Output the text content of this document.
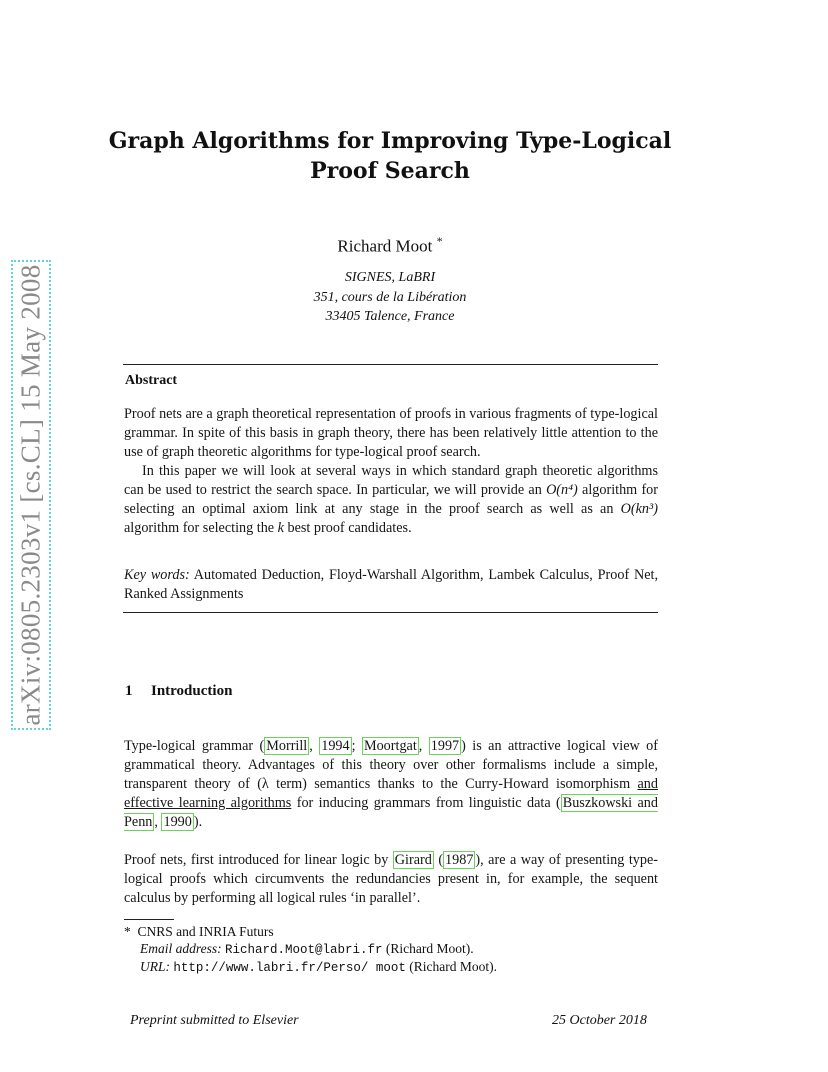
arXiv:0805.2303v1 [cs.CL] 15 May 2008
Graph Algorithms for Improving Type-Logical
Proof Search
Richard Moot *
SIGNES, LaBRI
351, cours de la Libération
33405 Talence, France
Abstract

Proof nets are a graph theoretical representation of proofs in various fragments of type-logical grammar. In spite of this basis in graph theory, there has been relatively little attention to the use of graph theoretic algorithms for type-logical proof search.

In this paper we will look at several ways in which standard graph theoretic algorithms can be used to restrict the search space. In particular, we will provide an O(n⁴) algorithm for selecting an optimal axiom link at any stage in the proof search as well as an O(kn³) algorithm for selecting the k best proof candidates.

Key words: Automated Deduction, Floyd-Warshall Algorithm, Lambek Calculus, Proof Net, Ranked Assignments

1 Introduction

Type-logical grammar ( Morrill , 1994 ; Moortgat , 1997 ) is an attractive logical view of grammatical theory. Advantages of this theory over other formalisms include a simple, transparent theory of (λ term) semantics thanks to the Curry-Howard isomorphism and effective learning algorithms for inducing grammars from linguistic data ( Buszkowski and Penn , 1990 ).

Proof nets, first introduced for linear logic by Girard ( 1987 ), are a way of presenting type-logical proofs which circumvents the redundancies present in, for example, the sequent calculus by performing all logical rules ‘in parallel’.

* CNRS and INRIA Futurs
Email address: Richard.Moot@labri.fr (Richard Moot).
URL: http://www.labri.fr/Perso/ moot (Richard Moot).
Preprint submitted to Elsevier	25 October 2018
